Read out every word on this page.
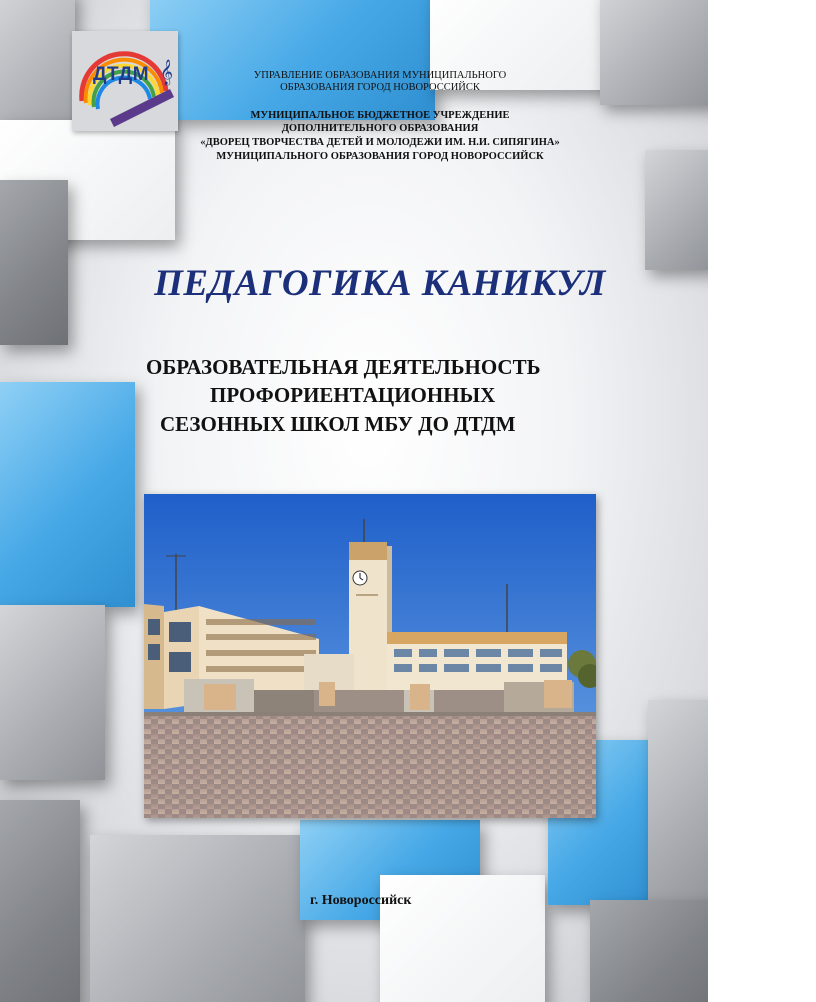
𝄞
ДТДМ	УПРАВЛЕНИЕ ОБРАЗОВАНИЯ МУНИЦИПАЛЬНОГО
ОБРАЗОВАНИЯ ГОРОД НОВОРОССИЙСК
МУНИЦИПАЛЬНОЕ БЮДЖЕТНОЕ УЧРЕЖДЕНИЕ
ДОПОЛНИТЕЛЬНОГО ОБРАЗОВАНИЯ
«ДВОРЕЦ ТВОРЧЕСТВА ДЕТЕЙ И МОЛОДЕЖИ ИМ. Н.И. СИПЯГИНА»
МУНИЦИПАЛЬНОГО ОБРАЗОВАНИЯ ГОРОД НОВОРОССИЙСК
ПЕДАГОГИКА КАНИКУЛ
ОБРАЗОВАТЕЛЬНАЯ ДЕЯТЕЛЬНОСТЬ
ПРОФОРИЕНТАЦИОННЫХ
СЕЗОННЫХ ШКОЛ МБУ ДО ДТДМ
г. Новороссийск
